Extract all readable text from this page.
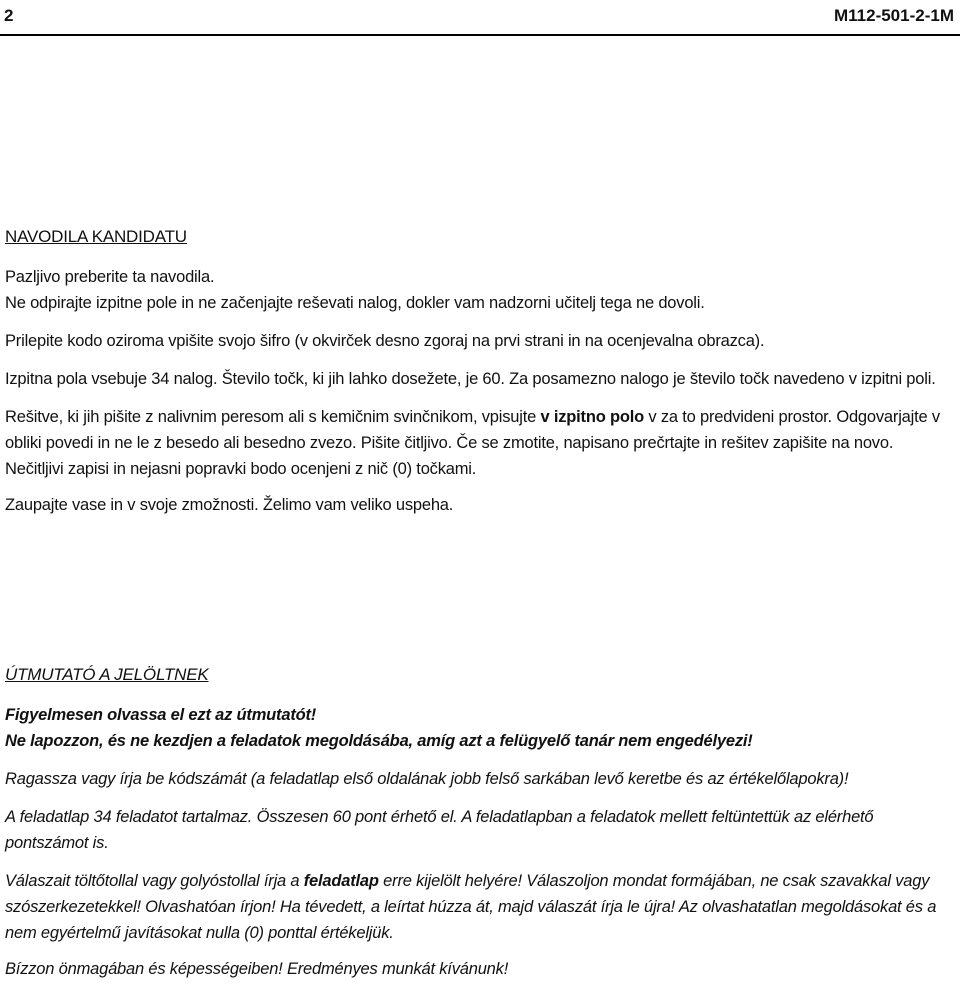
2	M112-501-2-1M

NAVODILA KANDIDATU

Pazljivo preberite ta navodila.

Ne odpirajte izpitne pole in ne začenjajte reševati nalog, dokler vam nadzorni učitelj tega ne dovoli.

Prilepite kodo oziroma vpišite svojo šifro (v okvirček desno zgoraj na prvi strani in na ocenjevalna obrazca).

Izpitna pola vsebuje 34 nalog. Število točk, ki jih lahko dosežete, je 60. Za posamezno nalogo je število točk navedeno v izpitni poli.

Rešitve, ki jih pišite z nalivnim peresom ali s kemičnim svinčnikom, vpisujte v izpitno polo v za to predvideni prostor. Odgovarjajte v obliki povedi in ne le z besedo ali besedno zvezo. Pišite čitljivo. Če se zmotite, napisano prečrtajte in rešitev zapišite na novo. Nečitljivi zapisi in nejasni popravki bodo ocenjeni z nič (0) točkami.

Zaupajte vase in v svoje zmožnosti. Želimo vam veliko uspeha.

ÚTMUTATÓ A JELÖLTNEK

Figyelmesen olvassa el ezt az útmutatót!

Ne lapozzon, és ne kezdjen a feladatok megoldásába, amíg azt a felügyelő tanár nem engedélyezi!

Ragassza vagy írja be kódszámát (a feladatlap első oldalának jobb felső sarkában levő keretbe és az értékelőlapokra)!

A feladatlap 34 feladatot tartalmaz. Összesen 60 pont érhető el. A feladatlapban a feladatok mellett feltüntettük az elérhető pontszámot is.

Válaszait töltőtollal vagy golyóstollal írja a feladatlap erre kijelölt helyére! Válaszoljon mondat formájában, ne csak szavakkal vagy szószerkezetekkel! Olvashatóan írjon! Ha tévedett, a leírtat húzza át, majd válaszát írja le újra! Az olvashatatlan megoldásokat és a nem egyértelmű javításokat nulla (0) ponttal értékeljük.

Bízzon önmagában és képességeiben! Eredményes munkát kívánunk!
